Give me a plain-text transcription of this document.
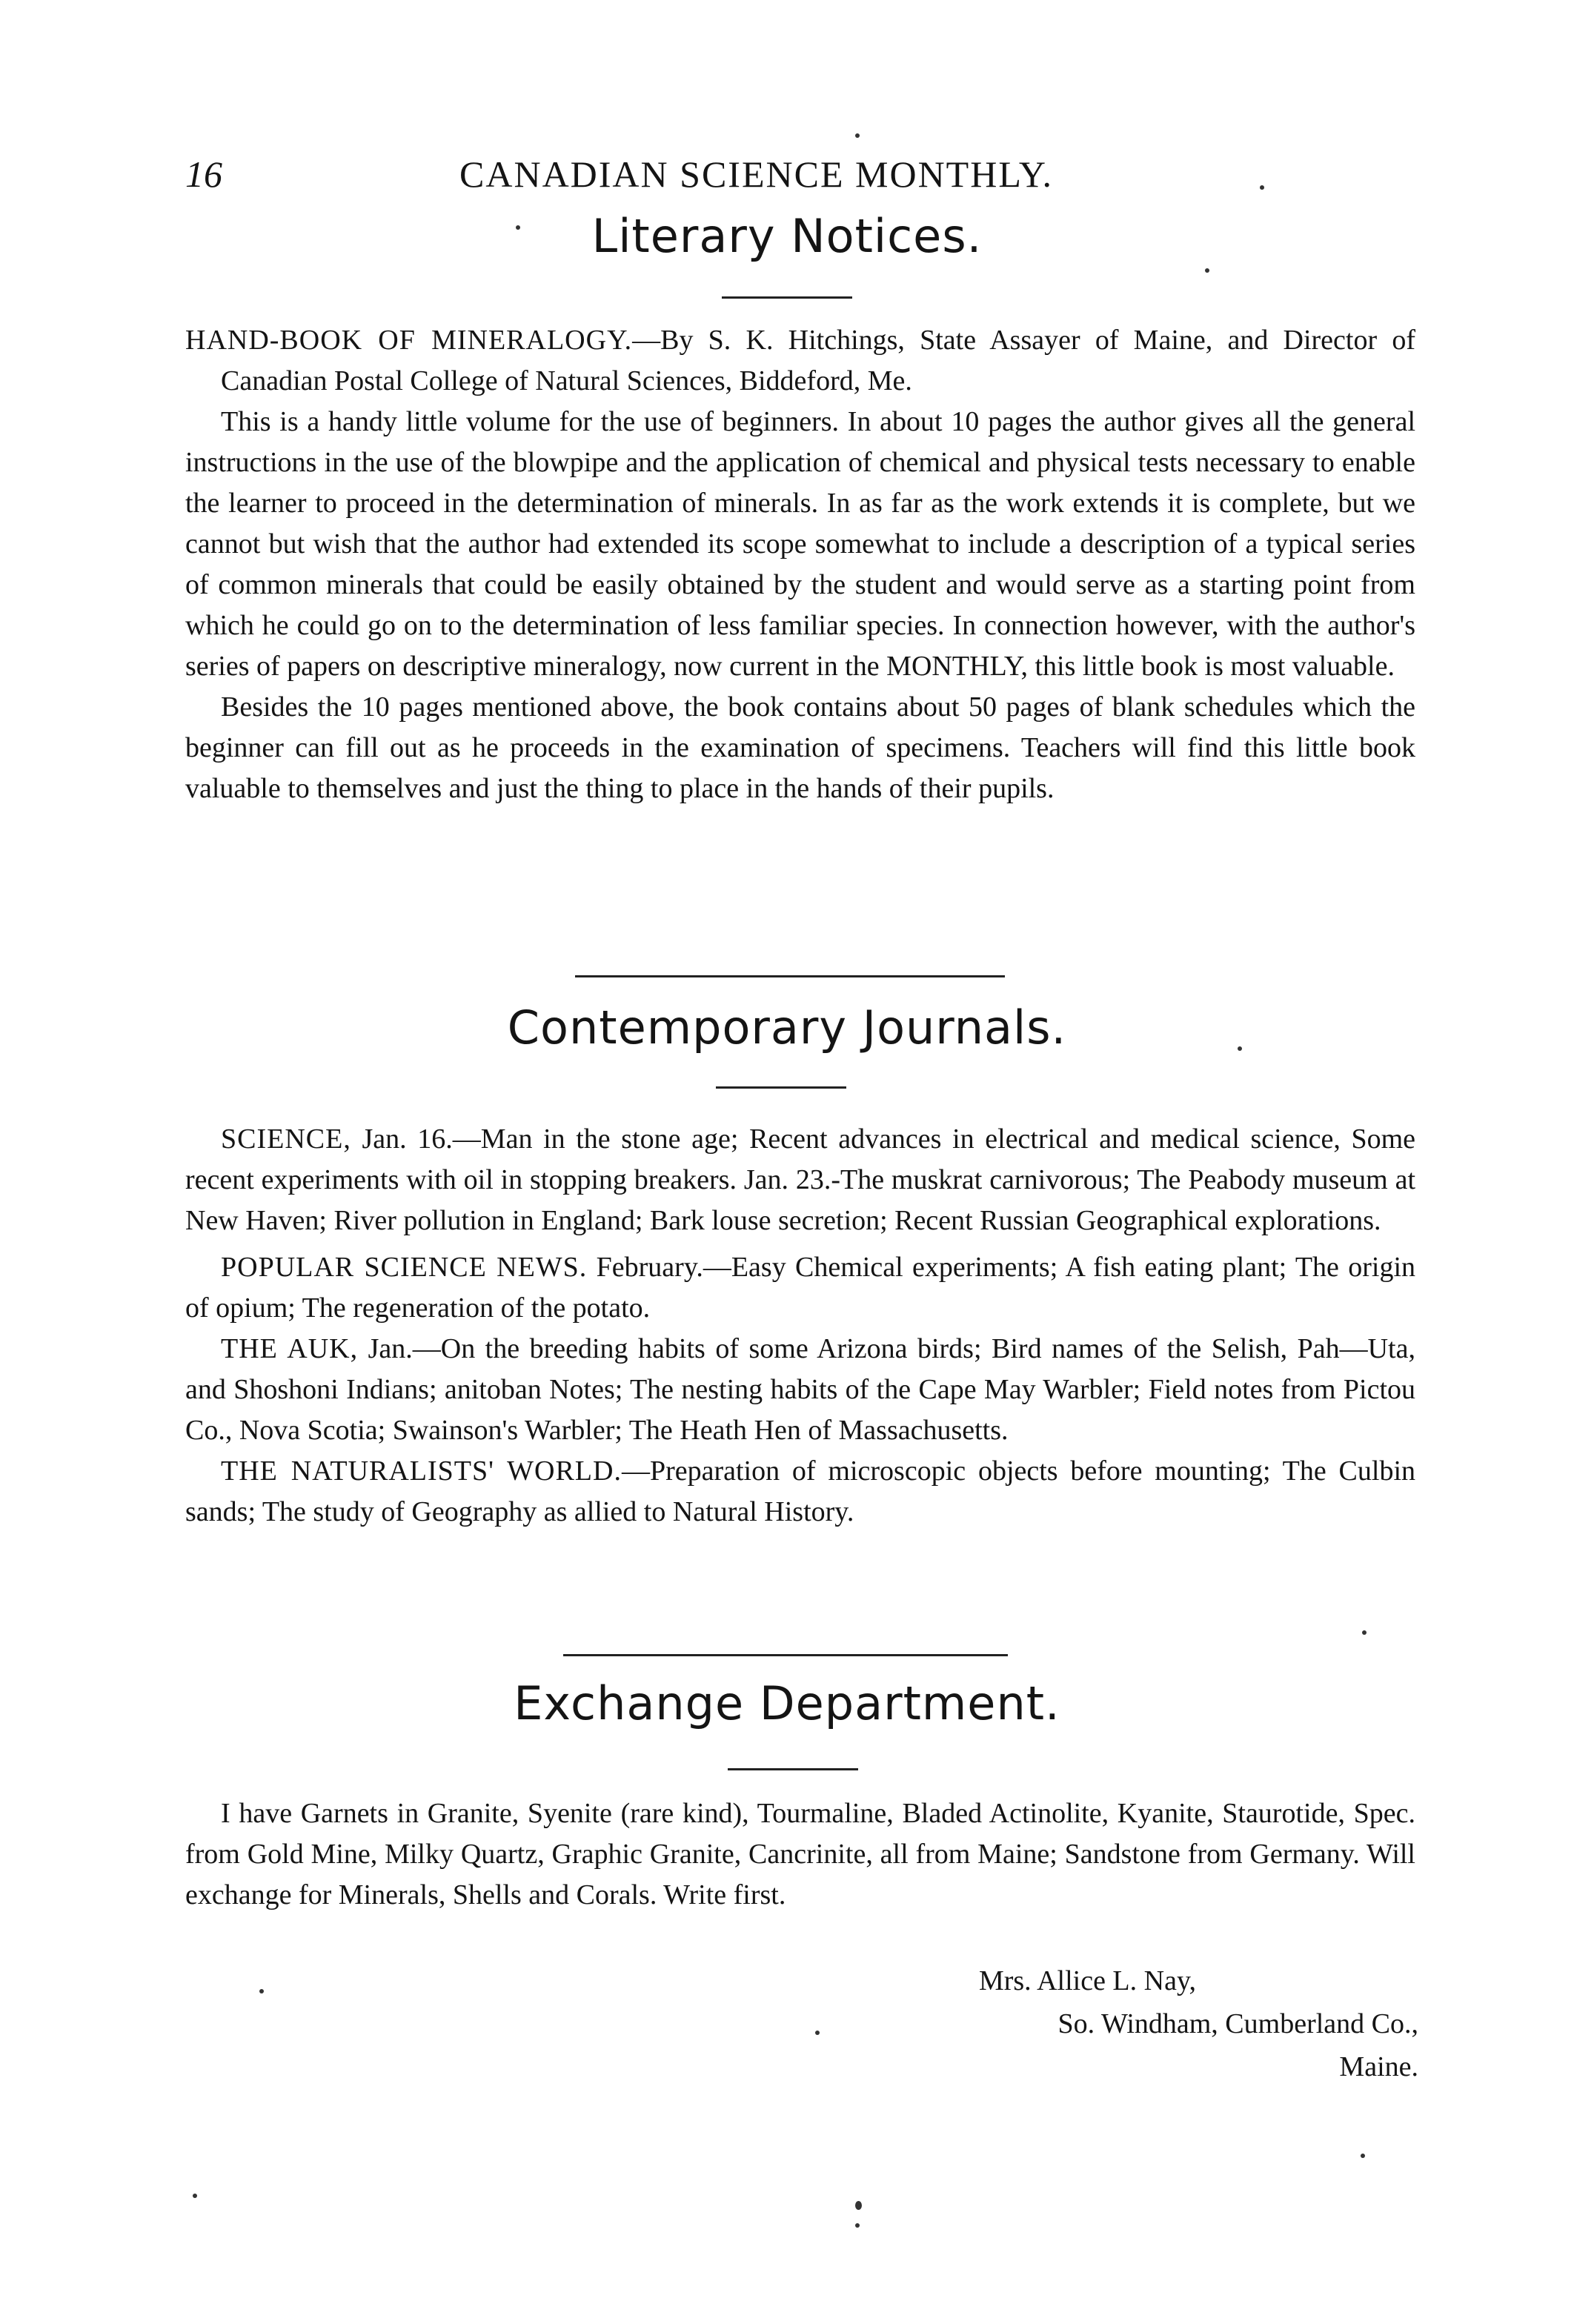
16	CANADIAN SCIENCE MONTHLY.
Literary Notices.

HAND-BOOK OF MINERALOGY.—By S. K. Hitchings, State Assayer of Maine, and Director of Canadian Postal College of Natural Sciences, Biddeford, Me.

This is a handy little volume for the use of beginners. In about 10 pages the author gives all the general instructions in the use of the blowpipe and the application of chemical and physical tests necessary to enable the learner to proceed in the determination of minerals. In as far as the work extends it is complete, but we cannot but wish that the author had extended its scope somewhat to include a description of a typical series of common minerals that could be easily obtained by the student and would serve as a starting point from which he could go on to the determination of less familiar species. In connection however, with the author's series of papers on descriptive mineralogy, now current in the MONTHLY, this little book is most valuable.

Besides the 10 pages mentioned above, the book contains about 50 pages of blank schedules which the beginner can fill out as he proceeds in the examination of specimens. Teachers will find this little book valuable to themselves and just the thing to place in the hands of their pupils.

Contemporary Journals.

SCIENCE, Jan. 16.—Man in the stone age; Recent advances in electrical and medical science, Some recent experiments with oil in stopping breakers. Jan. 23.-The muskrat carnivorous; The Peabody museum at New Haven; River pollution in England; Bark louse secretion; Recent Russian Geographical explorations.

POPULAR SCIENCE NEWS. February.—Easy Chemical experiments; A fish eating plant; The origin of opium; The regeneration of the potato.

THE AUK, Jan.—On the breeding habits of some Arizona birds; Bird names of the Selish, Pah—Uta, and Shoshoni Indians; anitoban Notes; The nesting habits of the Cape May Warbler; Field notes from Pictou Co., Nova Scotia; Swainson's Warbler; The Heath Hen of Massachusetts.

THE NATURALISTS' WORLD.—Preparation of microscopic objects before mounting; The Culbin sands; The study of Geography as allied to Natural History.

Exchange Department.

I have Garnets in Granite, Syenite (rare kind), Tourmaline, Bladed Actinolite, Kyanite, Staurotide, Spec. from Gold Mine, Milky Quartz, Graphic Granite, Cancrinite, all from Maine; Sandstone from Germany. Will exchange for Minerals, Shells and Corals. Write first.

Mrs. Allice L. Nay,
So. Windham, Cumberland Co.,
Maine.
